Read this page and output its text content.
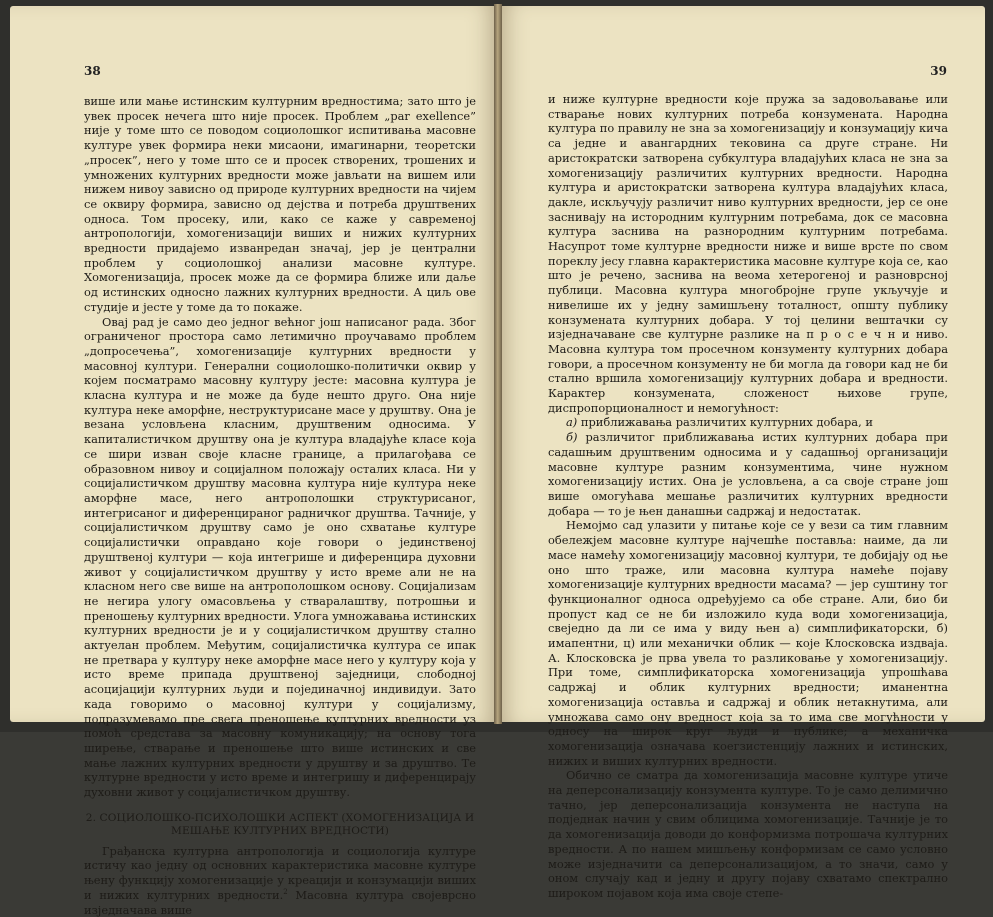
38

више или мање истинским културним вредностима; зато што је увек просек нечега што није просек. Проблем „par exellence” није у томе што се поводом социолошког испитивања масовне културе увек формира неки мисаони, имагинарни, теоретски „просек”, него у томе што се и просек створених, трошених и умножених културних вредности може јављати на вишем или нижем нивоу зависно од природе културних вредности на чијем се оквиру формира, зависно од дејства и потреба друштвених односа. Том просеку, или, како се каже у савременој антропологији, хомогенизацији виших и нижих културних вредности придајемо изванредан значај, јер је централни проблем у социолошкој анализи масовне културе. Хомогенизација, просек може да се формира ближе или даље од истинских односно лажних културних вредности. А циљ ове студије и јесте у томе да то покаже.

Овај рад је само део једног већног још написаног рада. Због ограниченог простора само летимично проучавамо проблем „допросечења”, хомогенизације културних вредности у масовној култури. Генерални социолошко-политички оквир у којем посматрамо масовну културу јесте: масовна култура је класна култура и не може да буде нешто друго. Она није култура неке аморфне, неструктурисане масе у друштву. Она је везана условљена класним, друштвеним односима. У капиталистичком друштву она је култура владајуће класе која се шири изван своје класне границе, а прилагођава се образовном нивоу и социјалном положају осталих класа. Ни у социјалистичком друштву масовна култура није култура неке аморфне масе, него антрополошки структурисаног, интегрисаног и диференцираног радничког друштва. Тачније, у социјалистичком друштву само је оно схватање културе социјалистички оправдано које говори о јединственој друштвеној култури — која интегрише и диференцира духовни живот у социјалистичком друштву у исто време али не на класном него све више на антрополошком основу. Социјализам не негира улогу омасовљења у стваралаштву, потрошњи и преношењу културних вредности. Улога умножавања истинских културних вредности је и у социјалистичком друштву стално актуелан проблем. Међутим, социјалистичка култура се ипак не претвара у културу неке аморфне масе него у културу која у исто време припада друштвеној заједници, слободној асоцијацији културних људи и појединачној индивидуи. Зато када говоримо о масовној култури у социјализму, подразумевамо пре свега преношење културних вредности уз помоћ средстава за масовну комуникацију; на основу тога ширење, стварање и преношење што више истинских и све мање лажних културних вредности у друштву и за друштво. Те културне вредности у исто време и интегришу и диференцирају духовни живот у социјалистичком друштву.

2. СОЦИОЛОШКО-ПСИХОЛОШКИ АСПЕКТ (ХОМОГЕНИЗАЦИЈА И МЕШАЊЕ КУЛТУРНИХ ВРЕДНОСТИ)

Грађанска културна антропологија и социологија културе истичу као једну од основних карактеристика масовне културе њену функцију хомогенизације у креацији и конзумацији виших и нижих културних вредности.$^2$ Масовна култура својеврсно изједначава више

39

и ниже културне вредности које пружа за задовољавање или стварање нових културних потреба конзумената. Народна култура по правилу не зна за хомогенизацију и конзумацију кича са једне и авангардних тековина са друге стране. Ни аристократски затворена субкултура владајућих класа не зна за хомогенизацију различитих културних вредности. Народна култура и аристократски затворена култура владајућих класа, дакле, искључују различит ниво културних вредности, јер се оне заснивају на истородним културним потребама, док се масовна култура заснива на разнородним културним потребама. Насупрот томе културне вредности ниже и више врсте по свом пореклу јесу главна карактеристика масовне културе која се, као што је речено, заснива на веома хетерогеној и разноврсној публици. Масовна култура многобројне групе укључује и нивелише их у једну замишљену тоталност, општу публику конзумената културних добара. У тој целини вештачки су изједначаване све културне разлике на п р о с е ч н и ниво. Масовна култура том просечном конзументу културних добара говори, а просечном конзументу не би могла да говори кад не би стално вршила хомогенизацију културних добара и вредности. Карактер конзумената, сложеност њихове групе, диспропорционалност и немогућност:

а) приближавања различитих културних добара, и

б) различитог приближавања истих културних добара при садашњим друштвеним односима и у садашњој организацији масовне културе разним конзументима, чине нужном хомогенизацију истих. Она је условљена, а са своје стране још више омогућава мешање различитих културних вредности добара — то је њен данашњи садржај и недостатак.

Немојмо сад улазити у питање које се у вези са тим главним обележјем масовне културе најчешће поставља: наиме, да ли масе намећу хомогенизацију масовној култури, те добијају од ње оно што траже, или масовна култура намеће појаву хомогенизације културних вредности масама? — јер суштину тог функционалног односа одређујемо са обе стране. Али, био би пропуст кад се не би изложило куда води хомогенизација, свеједно да ли се има у виду њен а) симплификаторски, б) имапентни, ц) или механички облик — које Клосковска издваја. А. Клосковска је прва увела то разликовање у хомогенизацију. При томе, симплификаторска хомогенизација упрошћава садржај и облик културних вредности; иманентна хомогенизација оставља и садржај и облик нетакнутима, али умножава само ону вредност која за то има све могућности у односу на широк круг људи и публике; а механичка хомогенизација означава коегзистенцију лажних и истинских, нижих и виших културних вредности.

Обично се сматра да хомогенизација масовне културе утиче на деперсонализацију конзумента културе. То је само делимично тачно, јер деперсонализација конзумента не наступа на подједнак начин у свим облицима хомогенизације. Тачније је то да хомогенизација доводи до конформизма потрошача културних вредности. А по нашем мишљењу конформизам се само условно може изједначити са деперсонализацијом, а то значи, само у оном случају кад и једну и другу појаву схватамо спектрално широком појавом која има своје степе-
